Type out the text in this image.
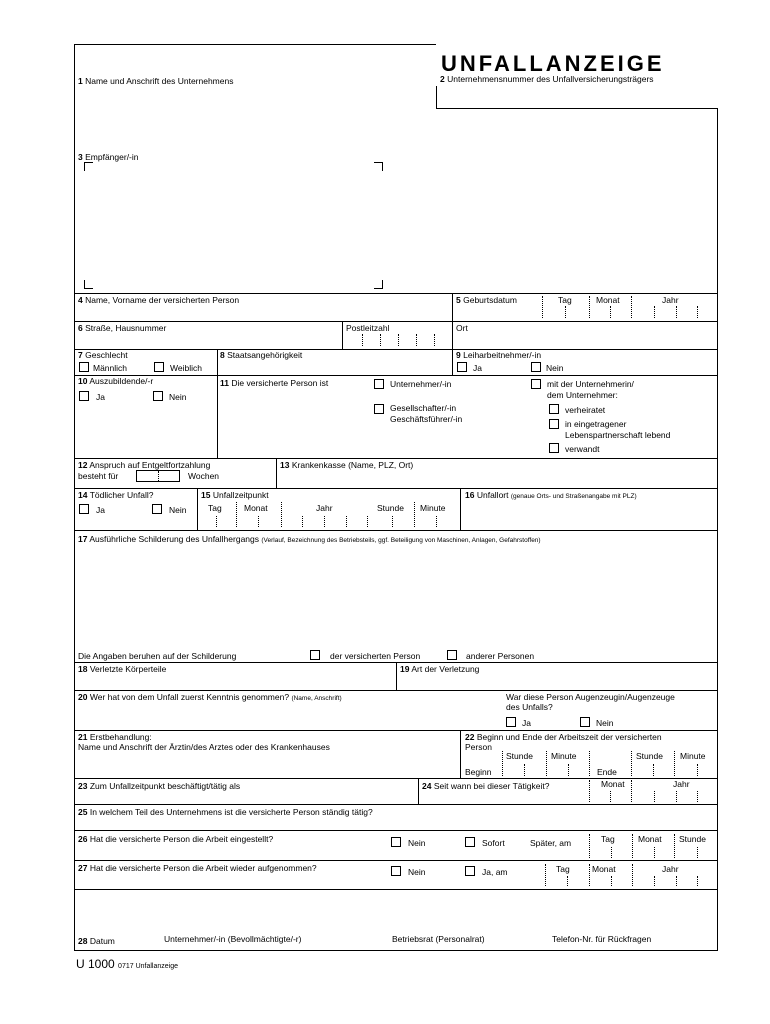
UNFALLANZEIGE
1 Name und Anschrift des Unternehmens	2 Unternehmensnummer des Unfallversicherungsträgers
3 Empfänger/-in
4 Name, Vorname der versicherten Person	5 Geburtsdatum	Tag	Monat	Jahr
6 Straße, Hausnummer	Postleitzahl	Ort
7 Geschlecht
Männlich	Weiblich
8 Staatsangehörigkeit	9 Leiharbeitnehmer/-in
Ja	Nein
10 Auszubildende/-r
Ja	Nein
11 Die versicherte Person ist	Unternehmer/-in
Gesellschafter/-in
Geschäftsführer/-in
mit der Unternehmerin/
dem Unternehmer:
verheiratet
in eingetragener
Lebenspartnerschaft lebend
verwandt
12 Anspruch auf Entgeltfortzahlung
besteht für	Wochen
13 Krankenkasse (Name, PLZ, Ort)
14 Tödlicher Unfall?
Ja	Nein
15 Unfallzeitpunkt
Tag	Monat	Jahr	Stunde Minute
16 Unfallort (genaue Orts- und Straßenangabe mit PLZ)
17 Ausführliche Schilderung des Unfallhergangs (Verlauf, Bezeichnung des Betriebsteils, ggf. Beteiligung von Maschinen, Anlagen, Gefahrstoffen)
Die Angaben beruhen auf der Schilderung	der versicherten Person	anderer Personen
18 Verletzte Körperteile	19 Art der Verletzung
20 Wer hat von dem Unfall zuerst Kenntnis genommen? (Name, Anschrift)	War diese Person Augenzeugin/Augenzeuge
des Unfalls?
Ja	Nein
21 Erstbehandlung:
Name und Anschrift der Ärztin/des Arztes oder des Krankenhauses
22 Beginn und Ende der Arbeitszeit der versicherten
Person
Stunde Minute	Stunde Minute
Beginn	Ende
23 Zum Unfallzeitpunkt beschäftigt/tätig als	24 Seit wann bei dieser Tätigkeit?	Monat	Jahr
25 In welchem Teil des Unternehmens ist die versicherte Person ständig tätig?
26 Hat die versicherte Person die Arbeit eingestellt?	Nein	Sofort	Später, am	Tag	Monat Stunde
27 Hat die versicherte Person die Arbeit wieder aufgenommen?	Nein	Ja, am	Tag	Monat	Jahr
28 Datum	Unternehmer/-in (Bevollmächtigte/-r)	Betriebsrat (Personalrat)	Telefon-Nr. für Rückfragen
U 1000 0717 Unfallanzeige
